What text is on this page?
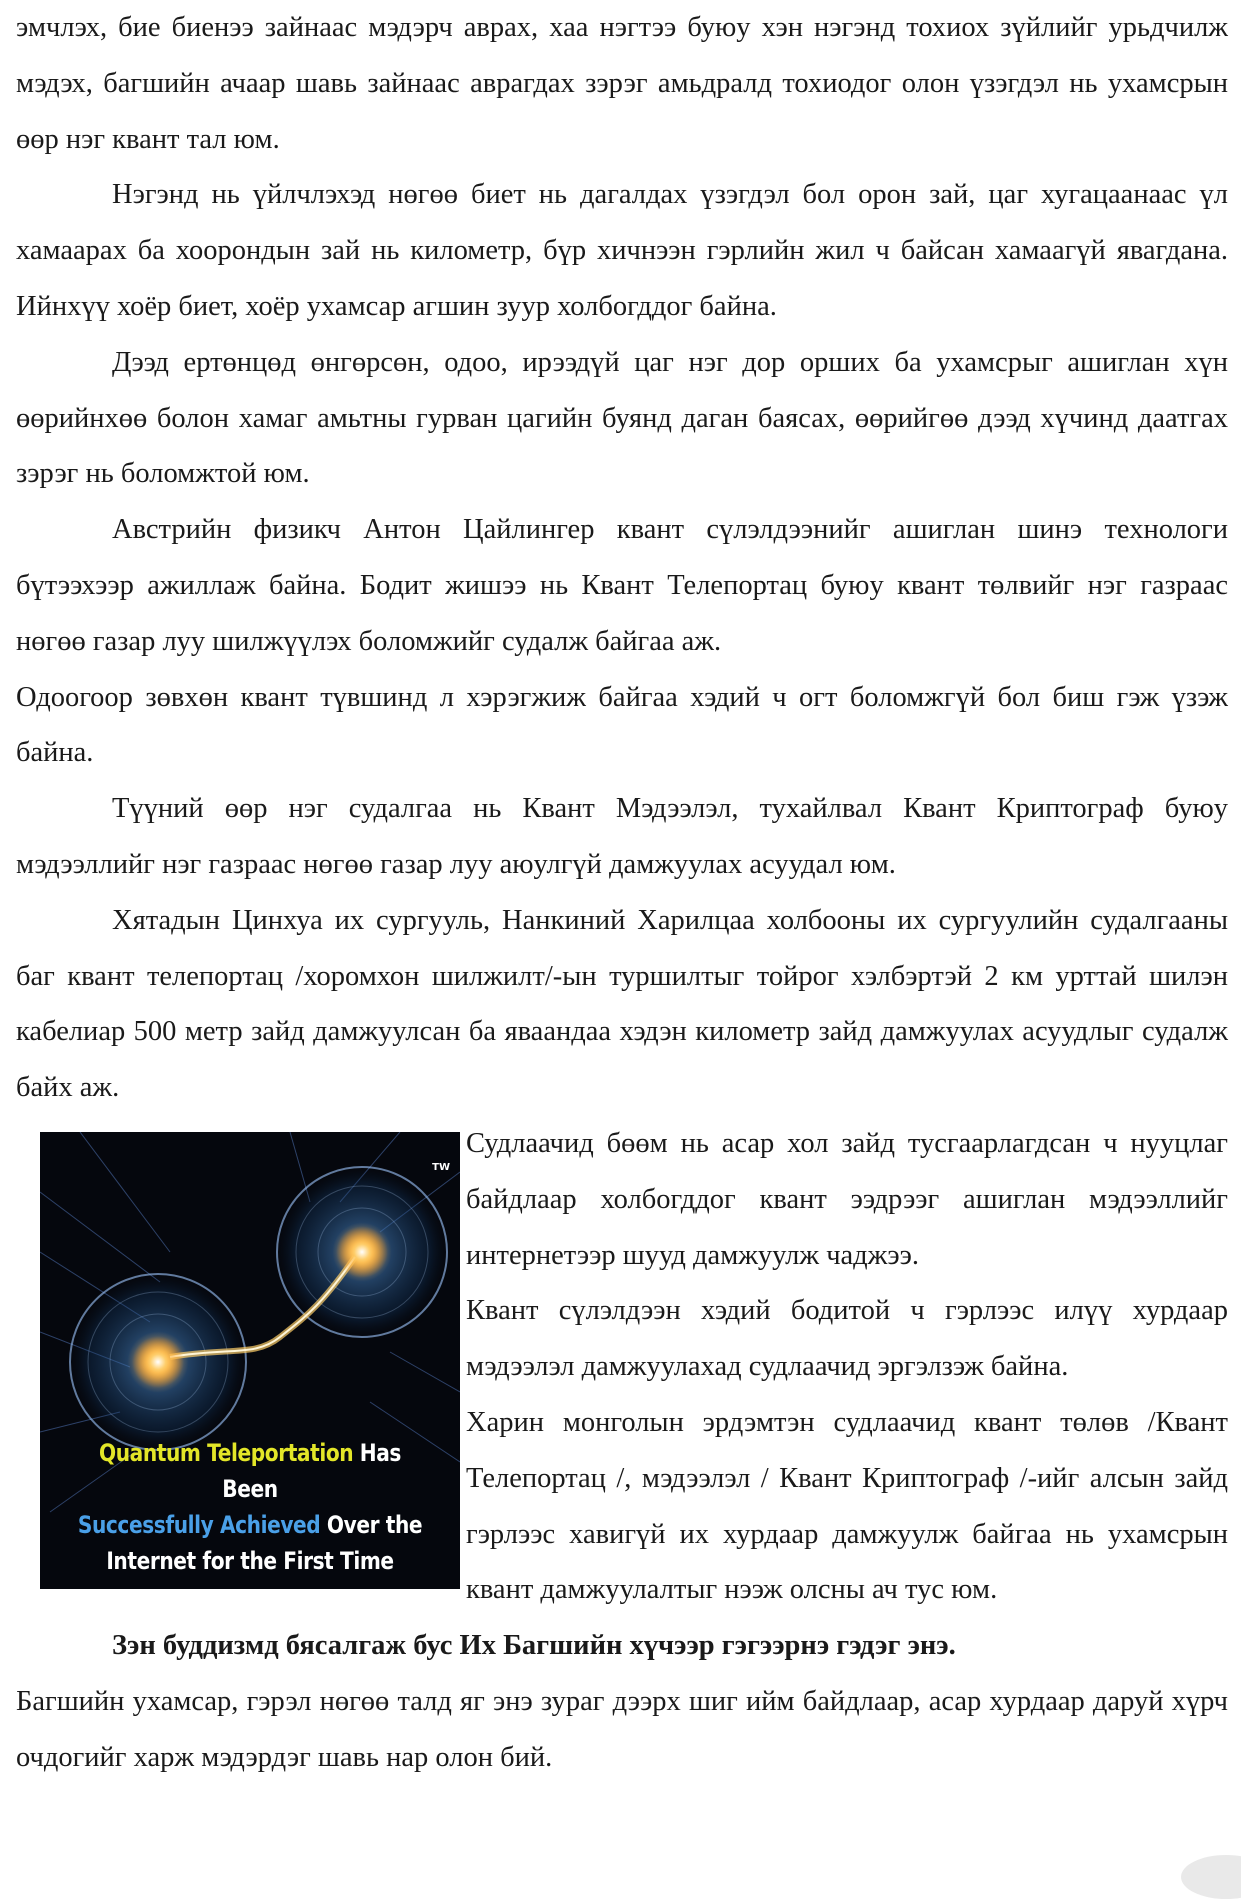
эмчлэх, бие биенээ зайнаас мэдэрч аврах, хаа нэгтээ буюу хэн нэгэнд тохиох зүйлийг урьдчилж мэдэх, багшийн ачаар шавь зайнаас аврагдах зэрэг амьдралд тохиодог олон үзэгдэл нь ухамсрын өөр нэг квант тал юм.

Нэгэнд нь үйлчлэхэд нөгөө биет нь дагалдах үзэгдэл бол орон зай, цаг хугацаанаас үл хамаарах ба хоорондын зай нь километр, бүр хичнээн гэрлийн жил ч байсан хамаагүй явагдана. Ийнхүү хоёр биет, хоёр ухамсар агшин зуур холбогддог байна.

Дээд ертөнцөд өнгөрсөн, одоо, ирээдүй цаг нэг дор орших ба ухамсрыг ашиглан хүн өөрийнхөө болон хамаг амьтны гурван цагийн буянд даган баясах, өөрийгөө дээд хүчинд даатгах зэрэг нь боломжтой юм.

Австрийн физикч Антон Цайлингер квант сүлэлдээнийг ашиглан шинэ технологи бүтээхээр ажиллаж байна. Бодит жишээ нь Квант Телепортац буюу квант төлвийг нэг газраас нөгөө газар луу шилжүүлэх боломжийг судалж байгаа аж.

Одоогоор зөвхөн квант түвшинд л хэрэгжиж байгаа хэдий ч огт боломжгүй бол биш гэж үзэж байна.

Түүний өөр нэг судалгаа нь Квант Мэдээлэл, тухайлвал Квант Криптограф буюу мэдээллийг нэг газраас нөгөө газар луу аюулгүй дамжуулах асуудал юм.

Хятадын Цинхуа их сургууль, Нанкиний Харилцаа холбооны их сургуулийн судалгааны баг квант телепортац /хоромхон шилжилт/-ын туршилтыг тойрог хэлбэртэй 2 км урттай шилэн кабелиар 500 метр зайд дамжуулсан ба яваандаа хэдэн километр зайд дамжуулах асуудлыг судалж байх аж.

TW
Quantum Teleportation Has Been
Successfully Achieved Over the
Internet for the First Time

Судлаачид бөөм нь асар хол зайд тусгаарлагдсан ч нууцлаг байдлаар холбогддог квант ээдрээг ашиглан мэдээллийг интернетээр шууд дамжуулж чаджээ.

Квант сүлэлдээн хэдий бодитой ч гэрлээс илүү хурдаар мэдээлэл дамжуулахад судлаачид эргэлзэж байна.

Харин монголын эрдэмтэн судлаачид квант төлөв /Квант Телепортац /, мэдээлэл / Квант Криптограф /-ийг алсын зайд гэрлээс хавигүй их хурдаар дамжуулж байгаа нь ухамсрын квант дамжуулалтыг нээж олсны ач тус юм.

Зэн буддизмд бясалгаж бус Их Багшийн хүчээр гэгээрнэ гэдэг энэ.

Багшийн ухамсар, гэрэл нөгөө талд яг энэ зураг дээрх шиг ийм байдлаар, асар хурдаар даруй хүрч очдогийг харж мэдэрдэг шавь нар олон бий.
